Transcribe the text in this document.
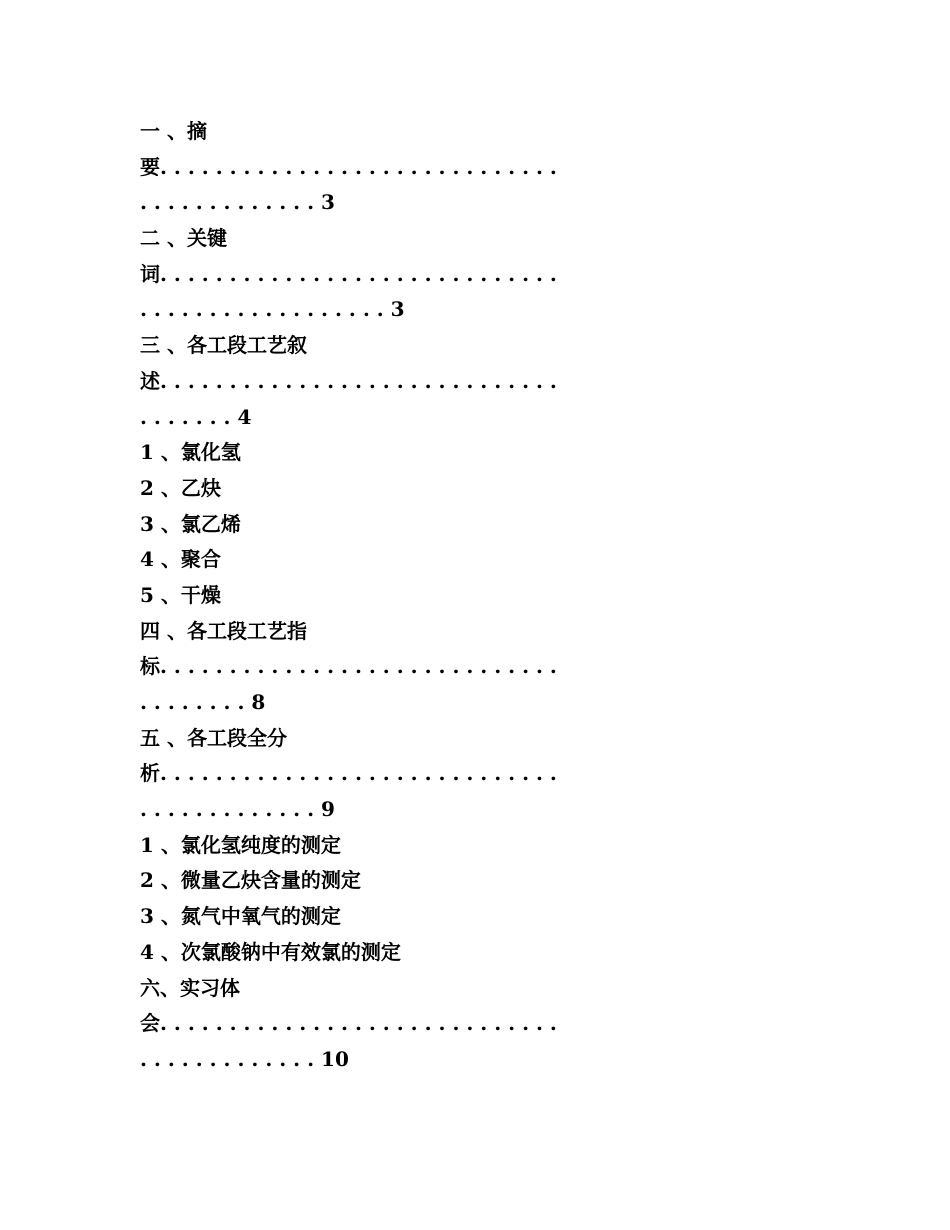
一 、摘
要. . . . . . . . . . . . . . . . . . . . . . . . . . . . .
. . . . . . . . . . . . . 3
二 、关键
词. . . . . . . . . . . . . . . . . . . . . . . . . . . . .
. . . . . . . . . . . . . . . . . . 3
三 、各工段工艺叙
述. . . . . . . . . . . . . . . . . . . . . . . . . . . . .
. . . . . . . 4
1 、氯化氢
2 、乙炔
3 、氯乙烯
4 、聚合
5 、干燥
四 、各工段工艺指
标. . . . . . . . . . . . . . . . . . . . . . . . . . . . .
. . . . . . . . 8
五 、各工段全分
析. . . . . . . . . . . . . . . . . . . . . . . . . . . . .
. . . . . . . . . . . . . 9
1 、氯化氢纯度的测定
2 、微量乙炔含量的测定
3 、氮气中氧气的测定
4 、次氯酸钠中有效氯的测定
六、实习体
会. . . . . . . . . . . . . . . . . . . . . . . . . . . . .
. . . . . . . . . . . . . 10
